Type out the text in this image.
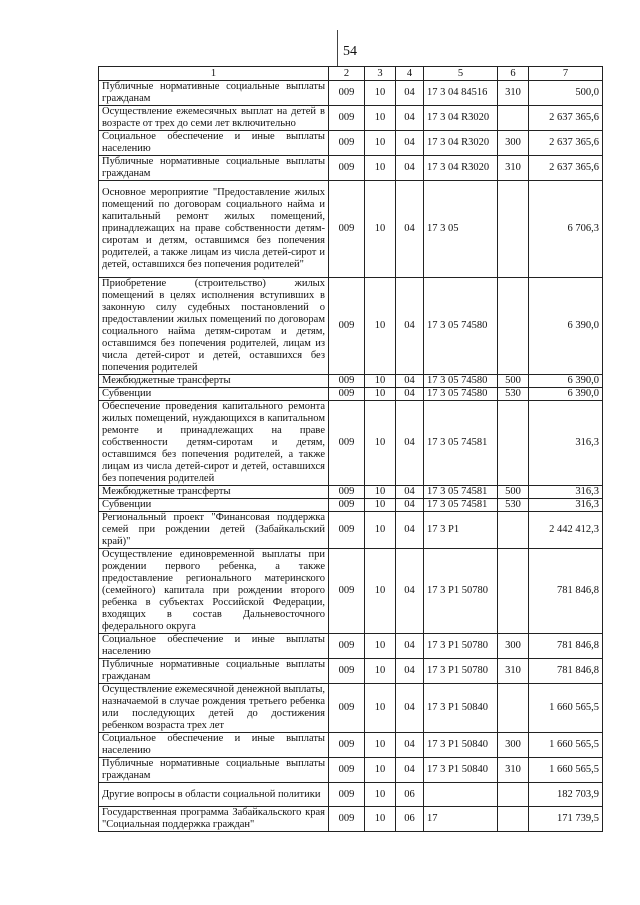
54
1	2	3	4	5	6	7
Публичные нормативные социальные выплаты гражданам	009	10	04	17 3 04 84516	310	500,0
Осуществление ежемесячных выплат на детей в возрасте от трех до семи лет включительно	009	10	04	17 3 04 R3020		2 637 365,6
Социальное обеспечение и иные выплаты населению	009	10	04	17 3 04 R3020	300	2 637 365,6
Публичные нормативные социальные выплаты гражданам	009	10	04	17 3 04 R3020	310	2 637 365,6
Основное мероприятие "Предоставление жилых помещений по договорам социального найма и капитальный ремонт жилых помещений, принадлежащих на праве собственности детям-сиротам и детям, оставшимся без попечения родителей, а также лицам из числа детей-сирот и детей, оставшихся без попечения родителей"	009	10	04	17 3 05		6 706,3
Приобретение (строительство) жилых помещений в целях исполнения вступивших в законную силу судебных постановлений о предоставлении жилых помещений по договорам социального найма детям-сиротам и детям, оставшимся без попечения родителей, лицам из числа детей-сирот и детей, оставшихся без попечения родителей	009	10	04	17 3 05 74580		6 390,0
Межбюджетные трансферты	009	10	04	17 3 05 74580	500	6 390,0
Субвенции	009	10	04	17 3 05 74580	530	6 390,0
Обеспечение проведения капитального ремонта жилых помещений, нуждающихся в капитальном ремонте и принадлежащих на праве собственности детям-сиротам и детям, оставшимся без попечения родителей, а также лицам из числа детей-сирот и детей, оставшихся без попечения родителей	009	10	04	17 3 05 74581		316,3
Межбюджетные трансферты	009	10	04	17 3 05 74581	500	316,3
Субвенции	009	10	04	17 3 05 74581	530	316,3
Региональный проект "Финансовая поддержка семей при рождении детей (Забайкальский край)"	009	10	04	17 3 P1		2 442 412,3
Осуществление единовременной выплаты при рождении первого ребенка, а также предоставление регионального материнского (семейного) капитала при рождении второго ребенка в субъектах Российской Федерации, входящих в состав Дальневосточного федерального округа	009	10	04	17 3 P1 50780		781 846,8
Социальное обеспечение и иные выплаты населению	009	10	04	17 3 P1 50780	300	781 846,8
Публичные нормативные социальные выплаты гражданам	009	10	04	17 3 P1 50780	310	781 846,8
Осуществление ежемесячной денежной выплаты, назначаемой в случае рождения третьего ребенка или последующих детей до достижения ребенком возраста трех лет	009	10	04	17 3 P1 50840		1 660 565,5
Социальное обеспечение и иные выплаты населению	009	10	04	17 3 P1 50840	300	1 660 565,5
Публичные нормативные социальные выплаты гражданам	009	10	04	17 3 P1 50840	310	1 660 565,5
Другие вопросы в области социальной политики	009	10	06			182 703,9
Государственная программа Забайкальского края "Социальная поддержка граждан"	009	10	06	17		171 739,5
